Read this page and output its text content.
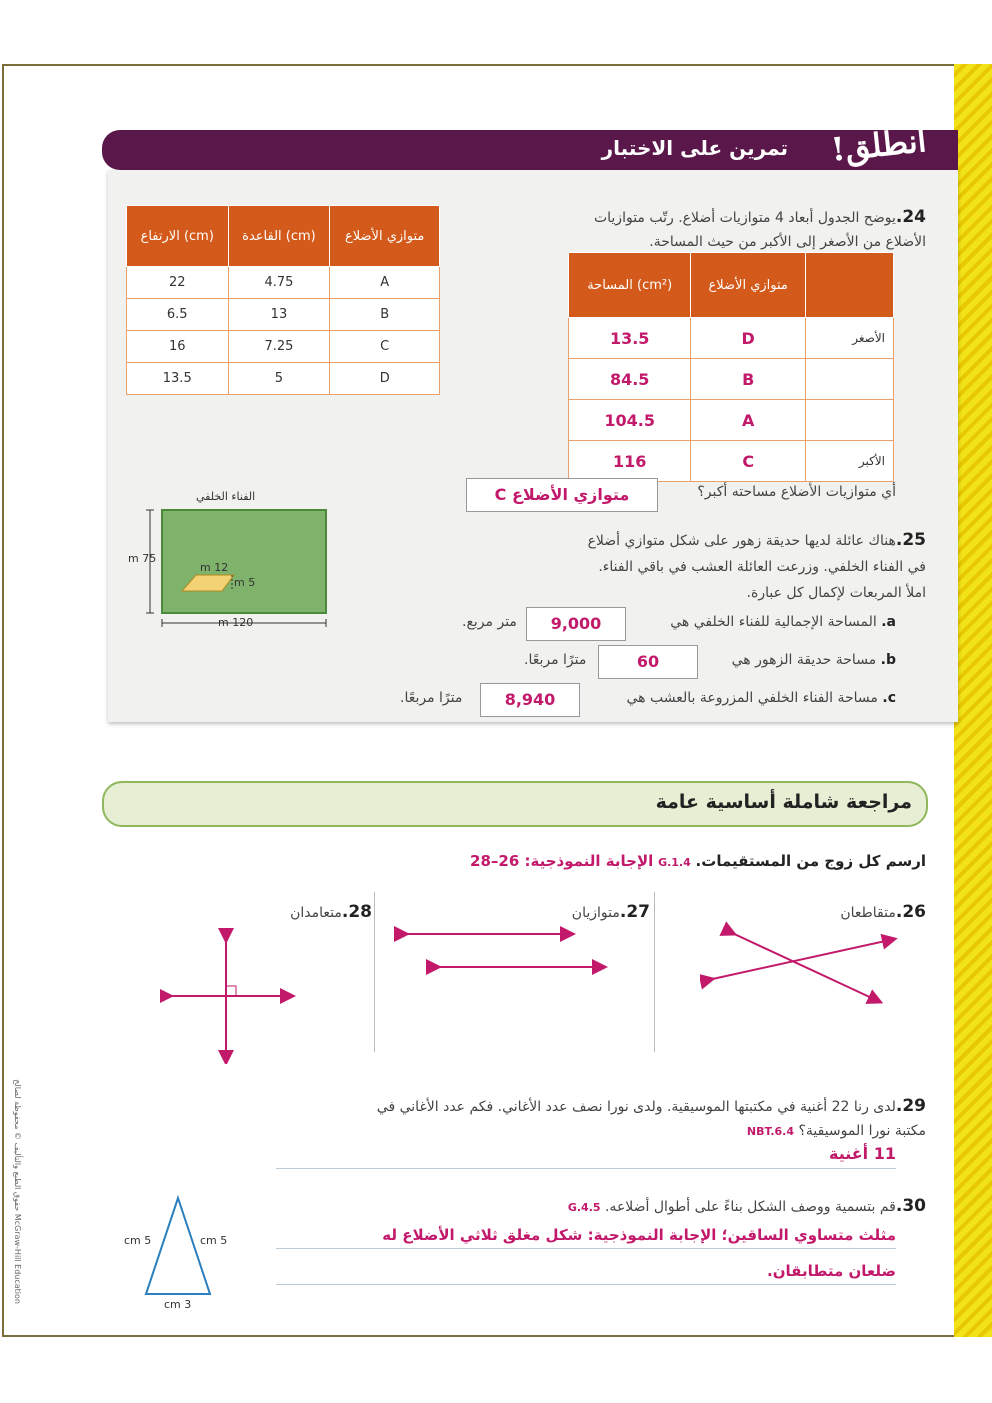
انطلق!
تمرين على الاختبار
24.يوضح الجدول أبعاد 4 متوازيات أضلاع. رتّب متوازيات
الأضلاع من الأصغر إلى الأكبر من حيث المساحة.
الارتفاع (cm)	القاعدة (cm)	متوازي الأضلاع
22	4.75	A
6.5	13	B
16	7.25	C
13.5	5	D
المساحة (cm²)	متوازي الأضلاع	
13.5	D	الأصغر
84.5	B	
104.5	A	
116	C	الأكبر
أي متوازيات الأضلاع مساحته أكبر؟
متوازي الأضلاع C
25.هناك عائلة لديها حديقة زهور على شكل متوازي أضلاع
في الفناء الخلفي. وزرعت العائلة العشب في باقي الفناء.
املأ المربعات لإكمال كل عبارة.
a. المساحة الإجمالية للفناء الخلفي هي
9,000
متر مربع.
b. مساحة حديقة الزهور هي
60
مترًا مربعًا.
c. مساحة الفناء الخلفي المزروعة بالعشب هي
8,940
مترًا مربعًا.
الفناء الخلفي
75 m
120 m
12 m
5 m
مراجعة شاملة أساسية عامة
ارسم كل زوج من المستقيمات. G.1.4 الإجابة النموذجية: 26–28
26.متقاطعان
27.متوازيان
28.متعامدان
29.لدى رنا 22 أغنية في مكتبتها الموسيقية. ولدى نورا نصف عدد الأغاني. فكم عدد الأغاني في
مكتبة نورا الموسيقية؟ NBT.6.4
11 أغنية
30.قم بتسمية ووصف الشكل بناءً على أطوال أضلاعه. 5.G.4
مثلث متساوي الساقين؛ الإجابة النموذجية: شكل مغلق ثلاثي الأضلاع له
ضلعان متطابقان.
5 cm	5 cm
3 cm
McGraw-Hill Education حقوق الطبع والتأليف © محفوظة لصالح
